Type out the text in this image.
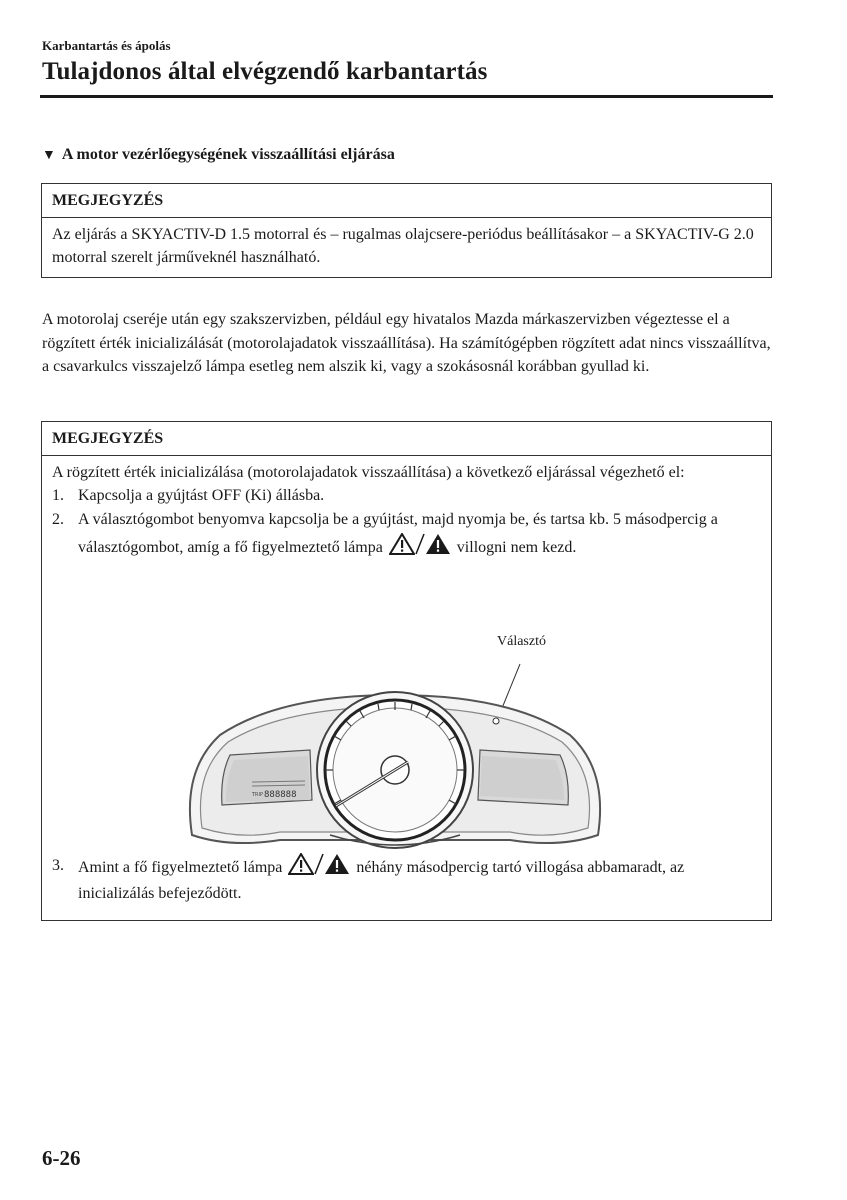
Karbantartás és ápolás
Tulajdonos által elvégzendő karbantartás
▼ A motor vezérlőegységének visszaállítási eljárása
MEGJEGYZÉS
Az eljárás a SKYACTIV-D 1.5 motorral és – rugalmas olajcsere-periódus beállításakor – a SKYACTIV-G 2.0 motorral szerelt járműveknél használható.
A motorolaj cseréje után egy szakszervizben, például egy hivatalos Mazda márkaszervizben végeztesse el a rögzített érték inicializálását (motorolajadatok visszaállítása). Ha számítógépben rögzített adat nincs visszaállítva, a csavarkulcs visszajelző lámpa esetleg nem alszik ki, vagy a szokásosnál korábban gyullad ki.
MEGJEGYZÉS
A rögzített érték inicializálása (motorolajadatok visszaállítása) a következő eljárással végezhető el:
1. Kapcsolja a gyújtást OFF (Ki) állásba.
2. A választógombot benyomva kapcsolja be a gyújtást, majd nyomja be, és tartsa kb. 5 másodpercig a választógombot, amíg a fő figyelmeztető lámpa	villogni nem kezd.
3. Amint a fő figyelmeztető lámpa	néhány másodpercig tartó villogása abbamaradt, az inicializálás befejeződött.
Választó
TRIP 888888
6-26
